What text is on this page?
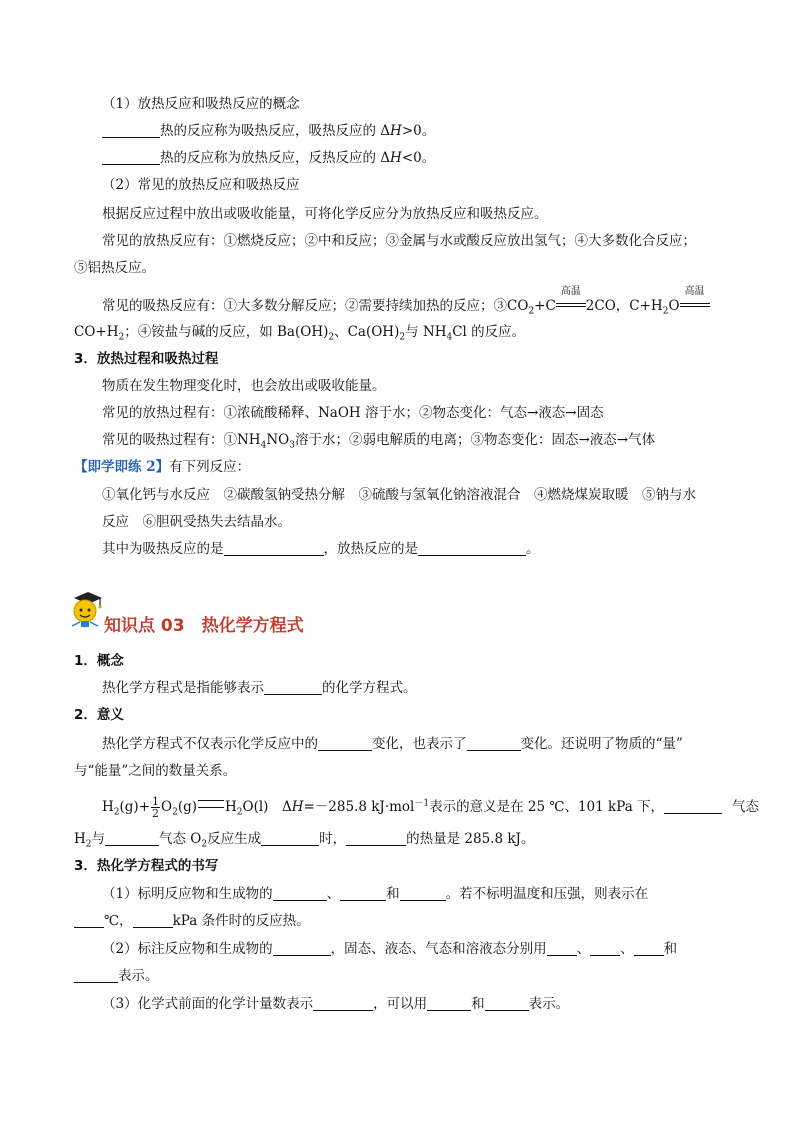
（1）放热反应和吸热反应的概念
热的反应称为吸热反应，吸热反应的 ΔH>0。
热的反应称为放热反应，反热反应的 ΔH<0。
（2）常见的放热反应和吸热反应
根据反应过程中放出或吸收能量，可将化学反应分为放热反应和吸热反应。
常见的放热反应有：①燃烧反应；②中和反应；③金属与水或酸反应放出氢气；④大多数化合反应；
⑤铝热反应。
常见的吸热反应有：①大多数分解反应；②需要持续加热的反应；$③CO_2+C$
高温
2CO，$C+H_2O$
高温
$CO+H_2$；④铵盐与碱的反应，如 $Ba(OH)_2$、$Ca(OH)_2$与 $NH_4Cl$ 的反应。
3．放热过程和吸热过程
物质在发生物理变化时，也会放出或吸收能量。
常见的放热过程有：①浓硫酸稀释、NaOH 溶于水；②物态变化：气态→液态→固态
常见的吸热过程有：$①NH_4NO_3$溶于水；②弱电解质的电离；③物态变化：固态→液态→气体
【即学即练 2】有下列反应：
①氧化钙与水反应　②碳酸氢钠受热分解　③硫酸与氢氧化钠溶液混合　④燃烧煤炭取暖　⑤钠与水
反应　⑥胆矾受热失去结晶水。
其中为吸热反应的是	，放热反应的是	。
知识点 03　热化学方程式
1．概念
热化学方程式是指能够表示	的化学方程式。
2．意义
热化学方程式不仅表示化学反应中的	变化，也表示了	变化。还说明了物质的“量”
与“能量”之间的数量关系。
$H_2(g)+ \frac{1}{2} O_2(g)$ $H_2O(l)$　ΔH=－285.8 kJ·mol$^{-1}$表示的意义是在 25 ℃、101 kPa 下，	气态
$H_2$与	气态 $O_2$反应生成	时，	的热量是 285.8 kJ。
3．热化学方程式的书写
（1）标明反应物和生成物的	、	和	。若不标明温度和压强，则表示在
℃，	kPa 条件时的反应热。
（2）标注反应物和生成物的	，固态、液态、气态和溶液态分别用 、 、 和
表示。
（3）化学式前面的化学计量数表示	，可以用	和	表示。
